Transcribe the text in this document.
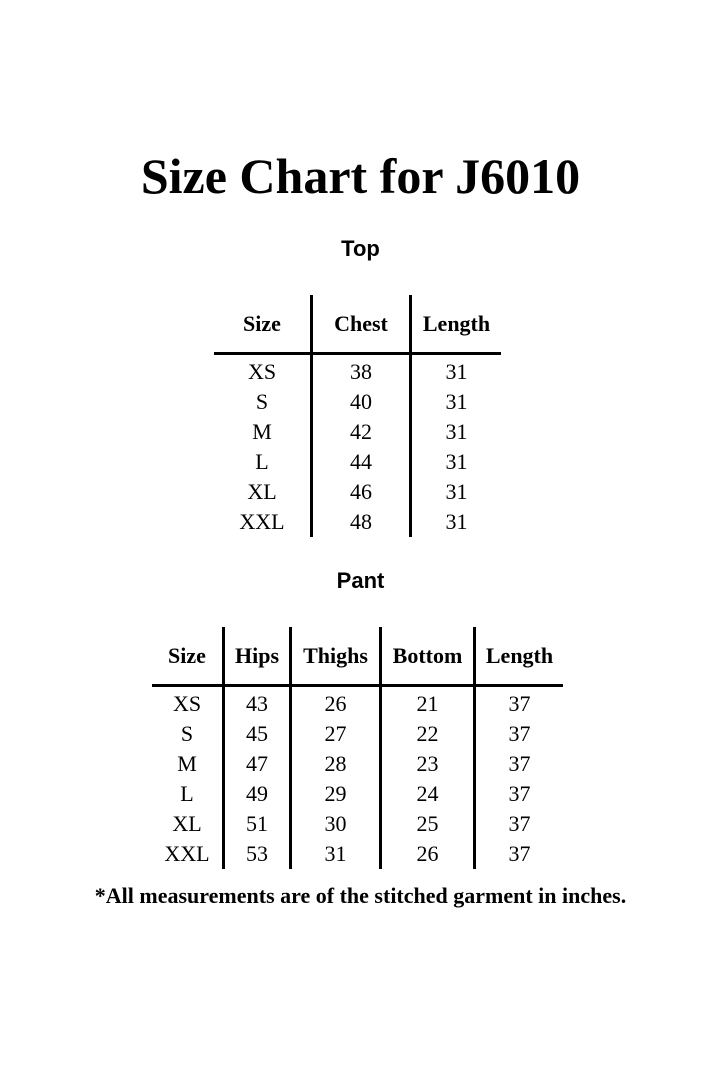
Size Chart for J6010
Top
Size	Chest	Length
XS	38	31
S	40	31
M	42	31
L	44	31
XL	46	31
XXL	48	31
Pant
Size	Hips	Thighs	Bottom	Length
XS	43	26	21	37
S	45	27	22	37
M	47	28	23	37
L	49	29	24	37
XL	51	30	25	37
XXL	53	31	26	37
*All measurements are of the stitched garment in inches.
